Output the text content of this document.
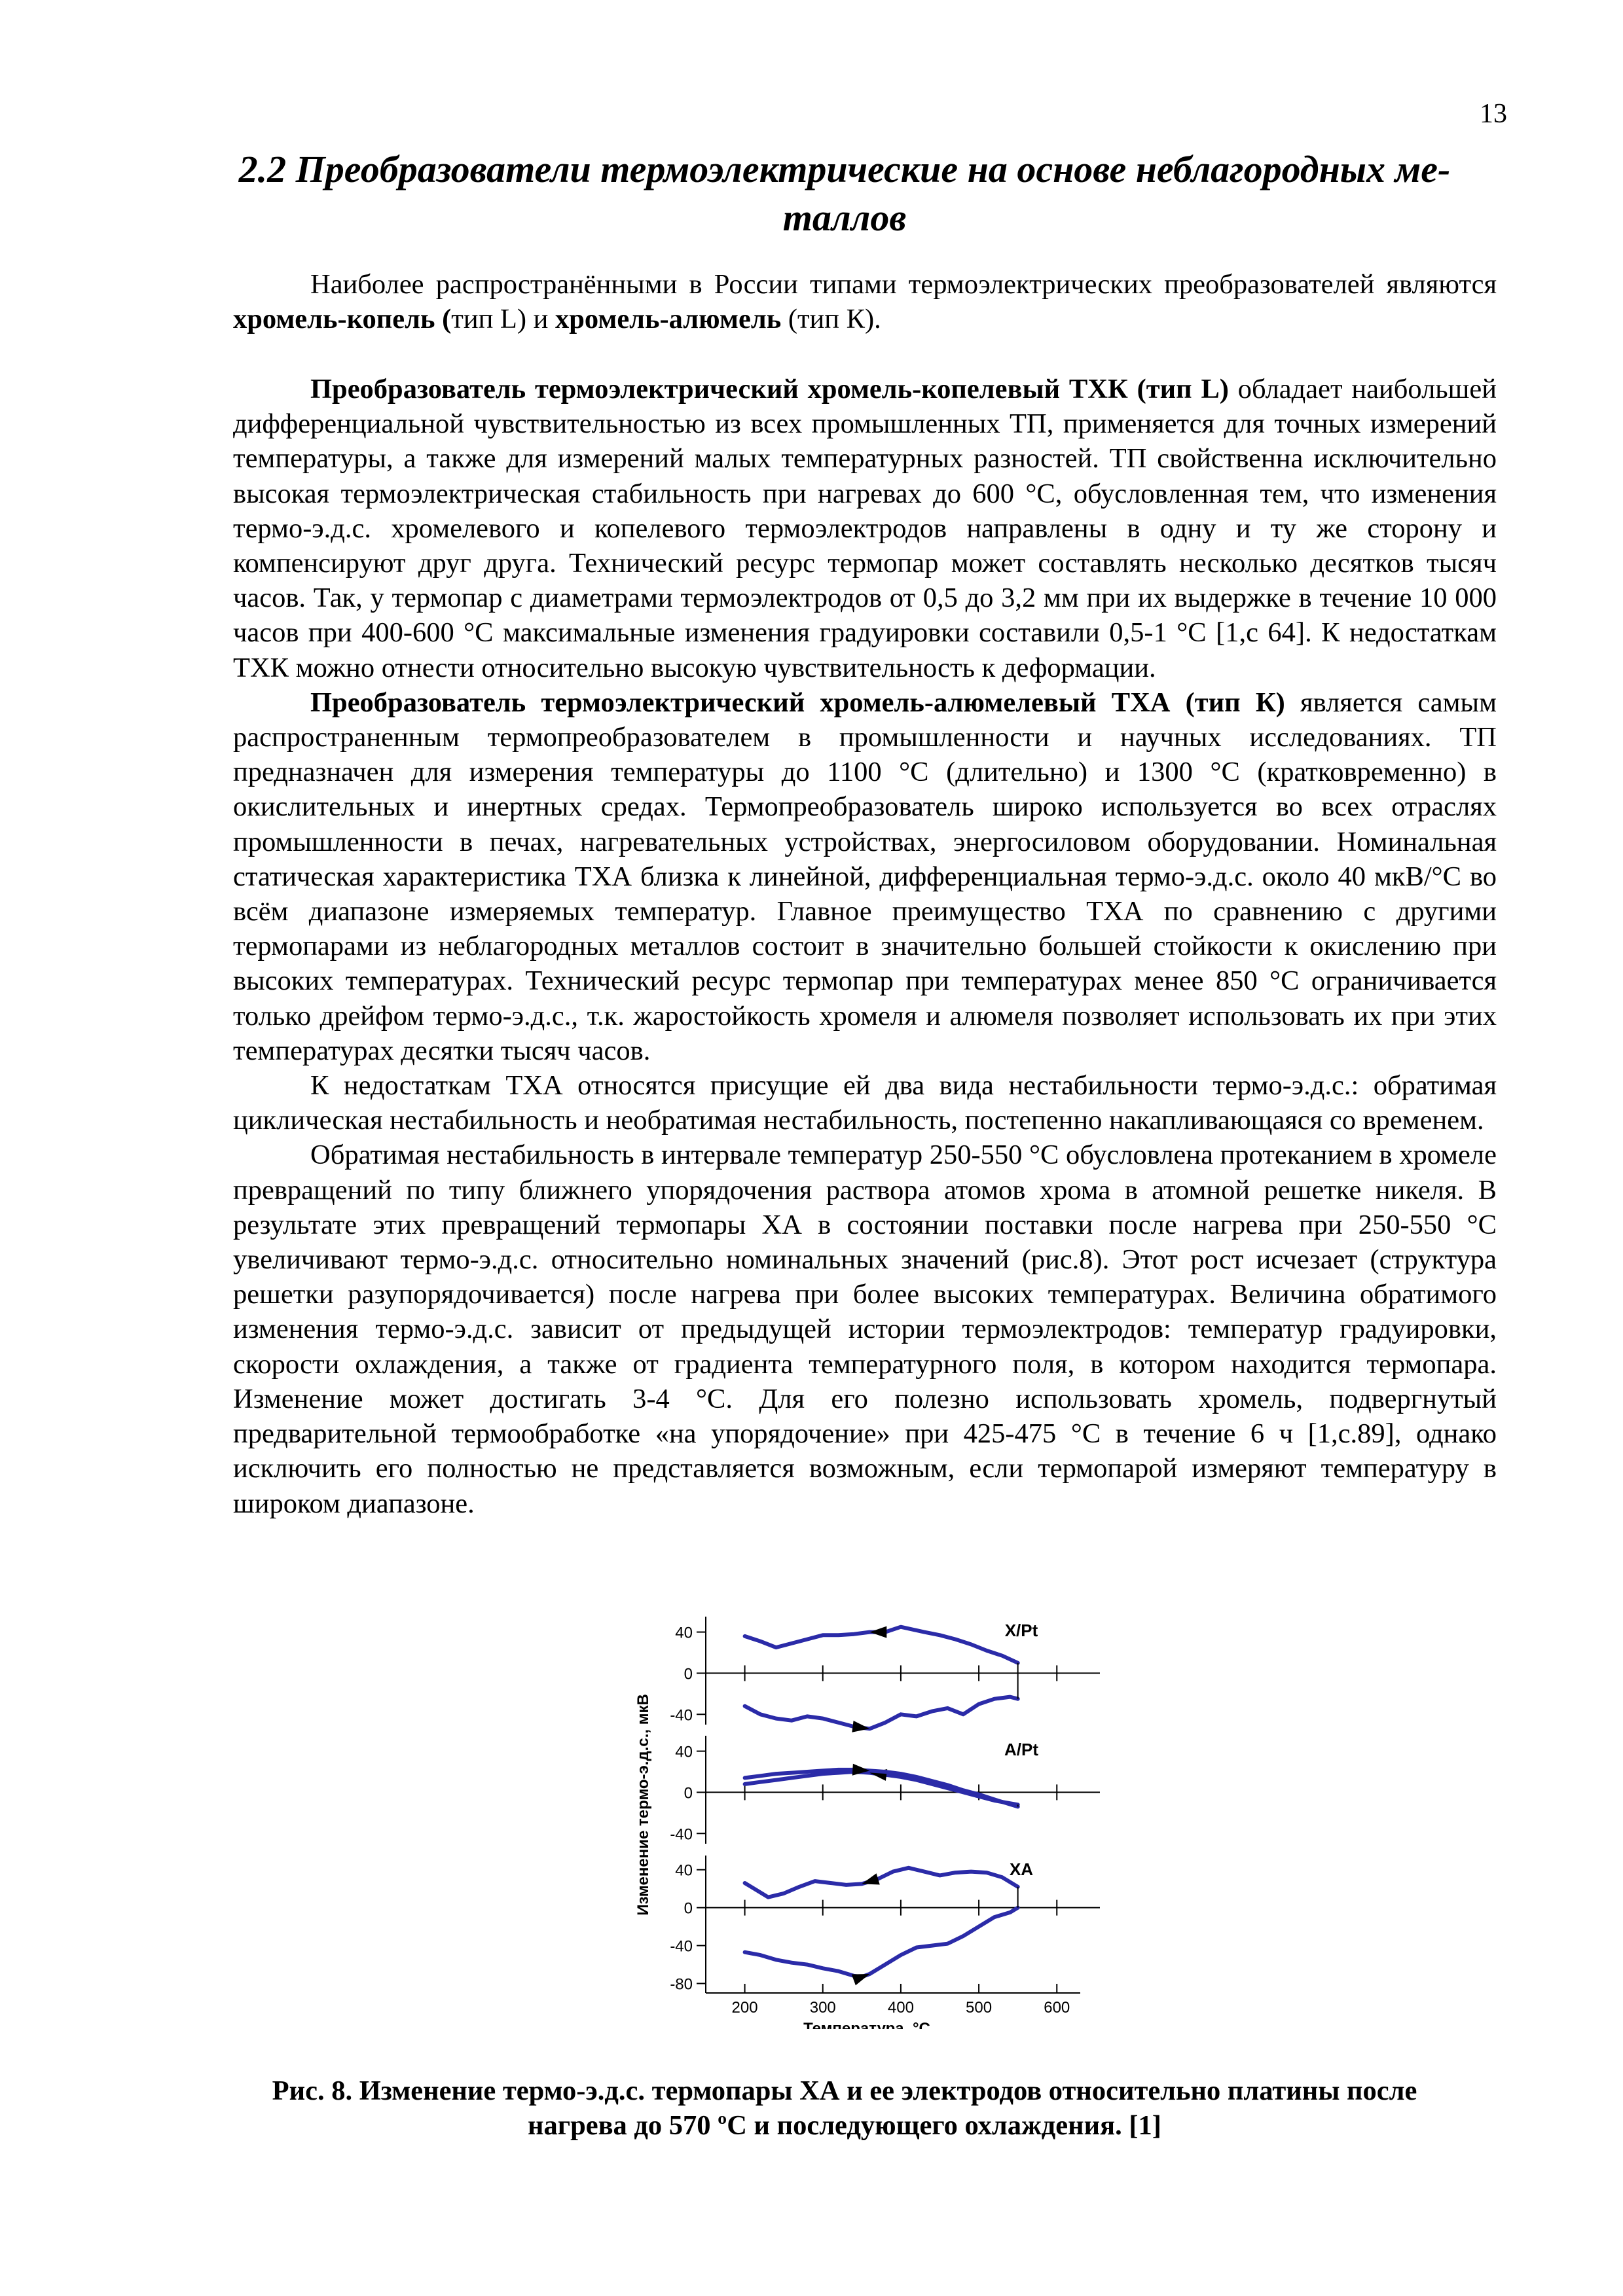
13
2.2 Преобразователи термоэлектрические на основе неблагородных ме-
таллов

Наиболее распространёнными в России типами термоэлектрических преобразователей являются хромель-копель (тип L) и хромель-алюмель (тип К).

Преобразователь термоэлектрический хромель-копелевый ТХК (тип L) обладает наибольшей дифференциальной чувствительностью из всех промышленных ТП, применяется для точных измерений температуры, а также для измерений малых температурных разностей. ТП свойственна исключительно высокая термоэлектрическая стабильность при нагревах до 600 °С, обусловленная тем, что изменения термо-э.д.с. хромелевого и копелевого термоэлектродов направлены в одну и ту же сторону и компенсируют друг друга. Технический ресурс термопар может составлять несколько десятков тысяч часов. Так, у термопар с диаметрами термоэлектродов от 0,5 до 3,2 мм при их выдержке в течение 10 000 часов при 400-600 °С максимальные изменения градуировки составили 0,5-1 °С [1,с 64]. К недостаткам ТХК можно отнести относительно высокую чувствительность к деформации.

Преобразователь термоэлектрический хромель-алюмелевый ТХА (тип К) является самым распространенным термопреобразователем в промышленности и научных исследованиях. ТП предназначен для измерения температуры до 1100 °С (длительно) и 1300 °С (кратковременно) в окислительных и инертных средах. Термопреобразователь широко используется во всех отраслях промышленности в печах, нагревательных устройствах, энергосиловом оборудовании. Номинальная статическая характеристика ТХА близка к линейной, дифференциальная термо-э.д.с. около 40 мкВ/°С во всём диапазоне измеряемых температур. Главное преимущество ТХА по сравнению с другими термопарами из неблагородных металлов состоит в значительно большей стойкости к окислению при высоких температурах. Технический ресурс термопар при температурах менее 850 °С ограничивается только дрейфом термо-э.д.с., т.к. жаростойкость хромеля и алюмеля позволяет использовать их при этих температурах десятки тысяч часов.

К недостаткам ТХА относятся присущие ей два вида нестабильности термо-э.д.с.: обратимая циклическая нестабильность и необратимая нестабильность, постепенно накапливающаяся со временем.

Обратимая нестабильность в интервале температур 250-550 °С обусловлена протеканием в хромеле превращений по типу ближнего упорядочения раствора атомов хрома в атомной решетке никеля. В результате этих превращений термопары ХА в состоянии поставки после нагрева при 250-550 °С увеличивают термо-э.д.с. относительно номинальных значений (рис.8). Этот рост исчезает (структура решетки разупорядочивается) после нагрева при более высоких температурах. Величина обратимого изменения термо-э.д.с. зависит от предыдущей истории термоэлектродов: температур градуировки, скорости охлаждения, а также от градиента температурного поля, в котором находится термопара. Изменение может достигать 3-4 °С. Для его полезно использовать хромель, подвергнутый предварительной термообработке «на упорядочение» при 425-475 °С в течение 6 ч [1,с.89], однако исключить его полностью не представляется возможным, если термопарой измеряют температуру в широком диапазоне.

40
0
-40
X/Pt
40
0
-40
A/Pt
40
0
-40
-80
ХА
200	300	400	500	600
Температура, °С
Изменение термо-э.д.с., мкВ

Рис. 8. Изменение термо-э.д.с. термопары ХА и ее электродов относительно платины после
нагрева до 570 ºС и последующего охлаждения. [1]
